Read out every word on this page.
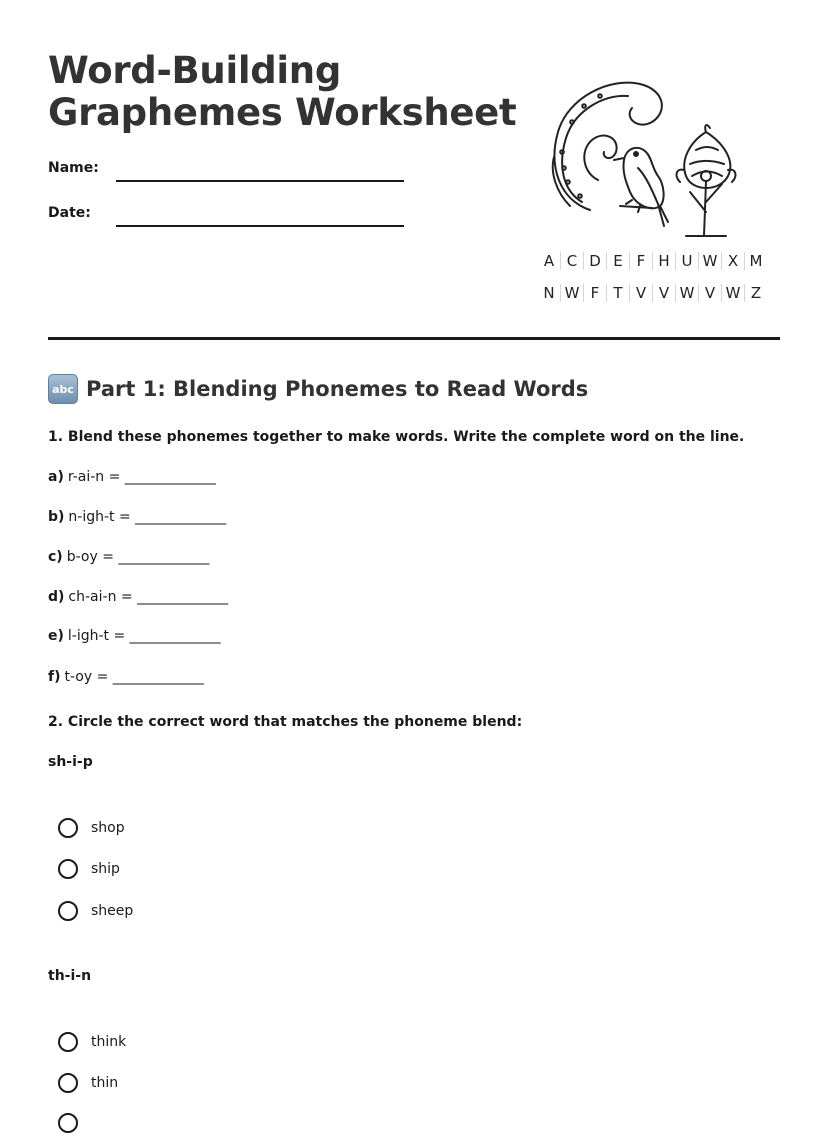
Word-Building
Graphemes Worksheet
Name:
Date:
A C D E F H U W X M
N W F T V V W V W Z
abc Part 1: Blending Phonemes to Read Words
1. Blend these phonemes together to make words. Write the complete word on the line.
a) r-ai-n = _____________
b) n-igh-t = _____________
c) b-oy = _____________
d) ch-ai-n = _____________
e) l-igh-t = _____________
f) t-oy = _____________
2. Circle the correct word that matches the phoneme blend:
sh-i-p
shop
ship
sheep
th-i-n
think
thin
